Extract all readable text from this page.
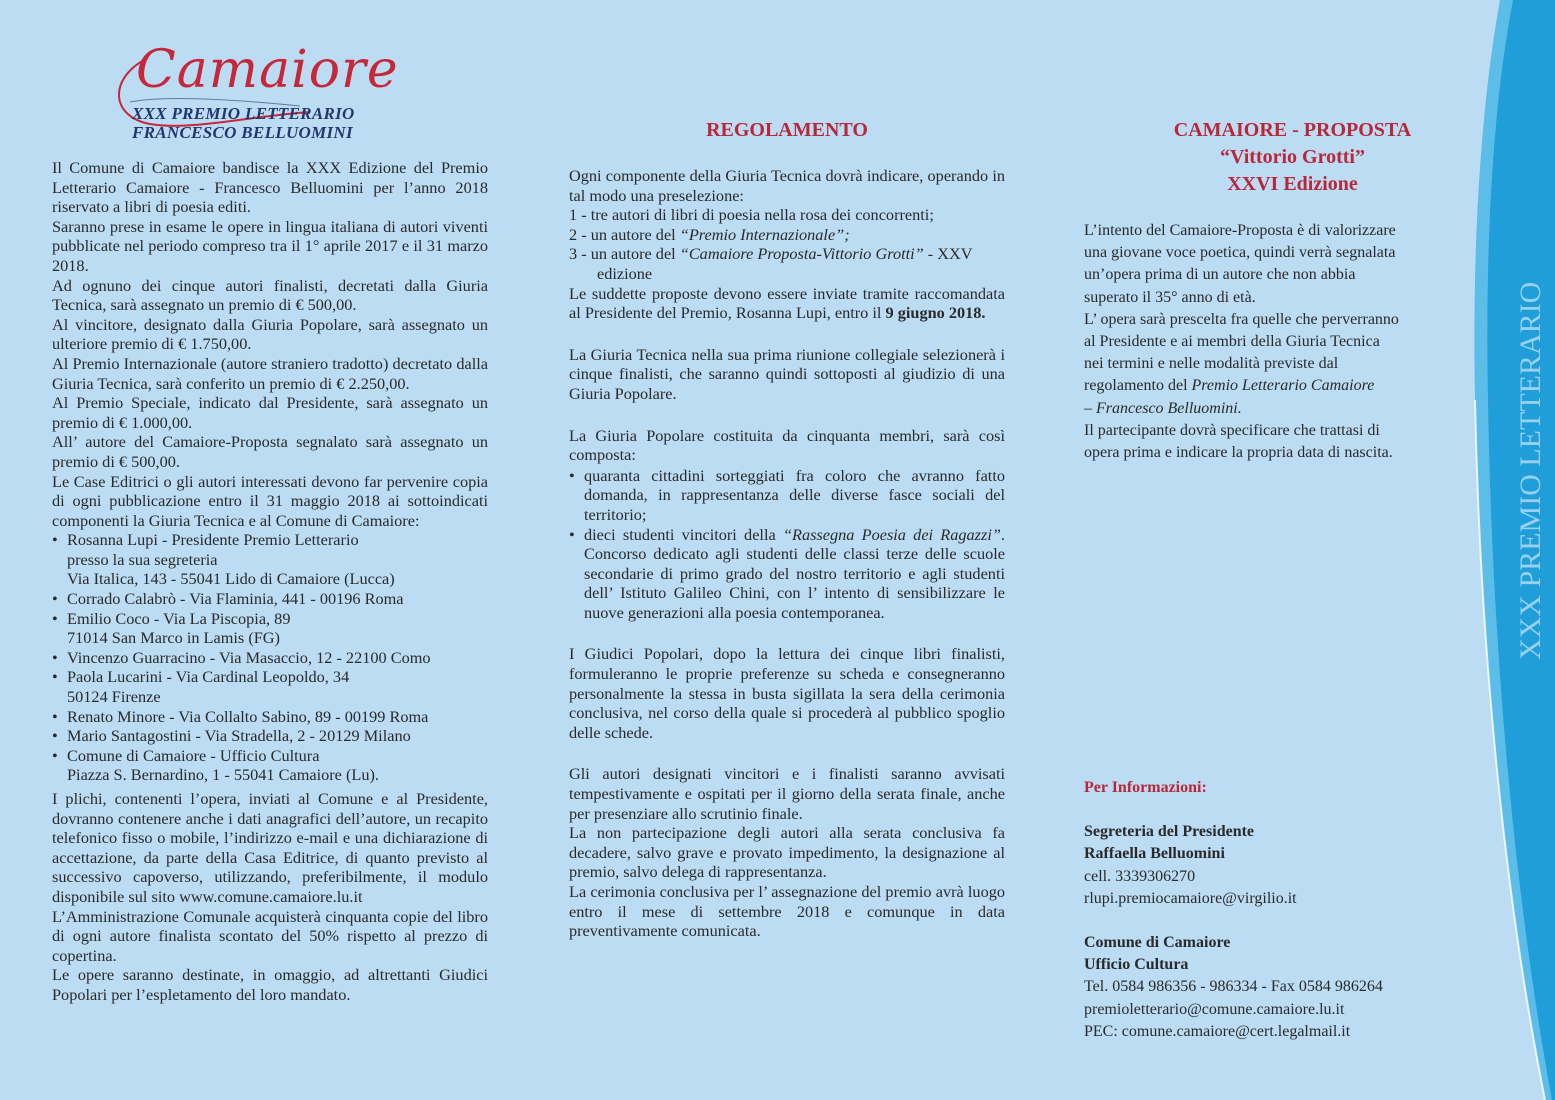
XXX PREMIO LETTERARIO
Camaiore
XXX PREMIO LETTERARIO
FRANCESCO BELLUOMINI

Il Comune di Camaiore bandisce la XXX Edizione del Premio Letterario Camaiore - Francesco Belluomini per l’anno 2018 riservato a libri di poesia editi.

Saranno prese in esame le opere in lingua italiana di autori viventi pubblicate nel periodo compreso tra il 1° aprile 2017 e il 31 marzo 2018.

Ad ognuno dei cinque autori finalisti, decretati dalla Giuria Tecnica, sarà assegnato un premio di € 500,00.

Al vincitore, designato dalla Giuria Popolare, sarà assegnato un ulteriore premio di € 1.750,00.

Al Premio Internazionale (autore straniero tradotto) decretato dalla Giuria Tecnica, sarà conferito un premio di € 2.250,00.

Al Premio Speciale, indicato dal Presidente, sarà assegnato un premio di € 1.000,00.

All’ autore del Camaiore-Proposta segnalato sarà assegnato un premio di € 500,00.

Le Case Editrici o gli autori interessati devono far pervenire copia di ogni pubblicazione entro il 31 maggio 2018 ai sottoindicati componenti la Giuria Tecnica e al Comune di Camaiore:

• Rosanna Lupi - Presidente Premio Letterario
presso la sua segreteria
Via Italica, 143 - 55041 Lido di Camaiore (Lucca)
• Corrado Calabrò - Via Flaminia, 441 - 00196 Roma
• Emilio Coco - Via La Piscopia, 89
71014 San Marco in Lamis (FG)
• Vincenzo Guarracino - Via Masaccio, 12 - 22100 Como
• Paola Lucarini - Via Cardinal Leopoldo, 34
50124 Firenze
• Renato Minore - Via Collalto Sabino, 89 - 00199 Roma
• Mario Santagostini - Via Stradella, 2 - 20129 Milano
• Comune di Camaiore - Ufficio Cultura
Piazza S. Bernardino, 1 - 55041 Camaiore (Lu).

I plichi, contenenti l’opera, inviati al Comune e al Presidente, dovranno contenere anche i dati anagrafici dell’autore, un recapito telefonico fisso o mobile, l’indirizzo e-mail e una dichiarazione di accettazione, da parte della Casa Editrice, di quanto previsto al successivo capoverso, utilizzando, preferibilmente, il modulo disponibile sul sito www.comune.camaiore.lu.it

L’Amministrazione Comunale acquisterà cinquanta copie del libro di ogni autore finalista scontato del 50% rispetto al prezzo di copertina.

Le opere saranno destinate, in omaggio, ad altrettanti Giudici Popolari per l’espletamento del loro mandato.

REGOLAMENTO

Ogni componente della Giuria Tecnica dovrà indicare, operando in tal modo una preselezione:

1 - tre autori di libri di poesia nella rosa dei concorrenti;

2 - un autore del “Premio Internazionale”;

3 - un autore del “Camaiore Proposta-Vittorio Grotti” - XXV

edizione

Le suddette proposte devono essere inviate tramite raccomandata al Presidente del Premio, Rosanna Lupi, entro il 9 giugno 2018.

La Giuria Tecnica nella sua prima riunione collegiale selezionerà i cinque finalisti, che saranno quindi sottoposti al giudizio di una Giuria Popolare.

La Giuria Popolare costituita da cinquanta membri, sarà così composta:

• quaranta cittadini sorteggiati fra coloro che avranno fatto domanda, in rappresentanza delle diverse fasce sociali del territorio;
• dieci studenti vincitori della “Rassegna Poesia dei Ragazzi”. Concorso dedicato agli studenti delle classi terze delle scuole secondarie di primo grado del nostro territorio e agli studenti dell’ Istituto Galileo Chini, con l’ intento di sensibilizzare le nuove generazioni alla poesia contemporanea.

I Giudici Popolari, dopo la lettura dei cinque libri finalisti, formuleranno le proprie preferenze su scheda e consegneranno personalmente la stessa in busta sigillata la sera della cerimonia conclusiva, nel corso della quale si procederà al pubblico spoglio delle schede.

Gli autori designati vincitori e i finalisti saranno avvisati tempestivamente e ospitati per il giorno della serata finale, anche per presenziare allo scrutinio finale.

La non partecipazione degli autori alla serata conclusiva fa decadere, salvo grave e provato impedimento, la designazione al premio, salvo delega di rappresentanza.

La cerimonia conclusiva per l’ assegnazione del premio avrà luogo entro il mese di settembre 2018 e comunque in data preventivamente comunicata.

CAMAIORE - PROPOSTA
“Vittorio Grotti”
XXVI Edizione
L’intento del Camaiore-Proposta è di valorizzare
una giovane voce poetica, quindi verrà segnalata
un’opera prima di un autore che non abbia
superato il 35° anno di età.
L’ opera sarà prescelta fra quelle che perverranno
al Presidente e ai membri della Giuria Tecnica
nei termini e nelle modalità previste dal
regolamento del Premio Letterario Camaiore
– Francesco Belluomini.
Il partecipante dovrà specificare che trattasi di
opera prima e indicare la propria data di nascita.
Per Informazioni:
Segreteria del Presidente
Raffaella Belluomini
cell. 3339306270
rlupi.premiocamaiore@virgilio.it
Comune di Camaiore
Ufficio Cultura
Tel. 0584 986356 - 986334 - Fax 0584 986264
premioletterario@comune.camaiore.lu.it
PEC: comune.camaiore@cert.legalmail.it
